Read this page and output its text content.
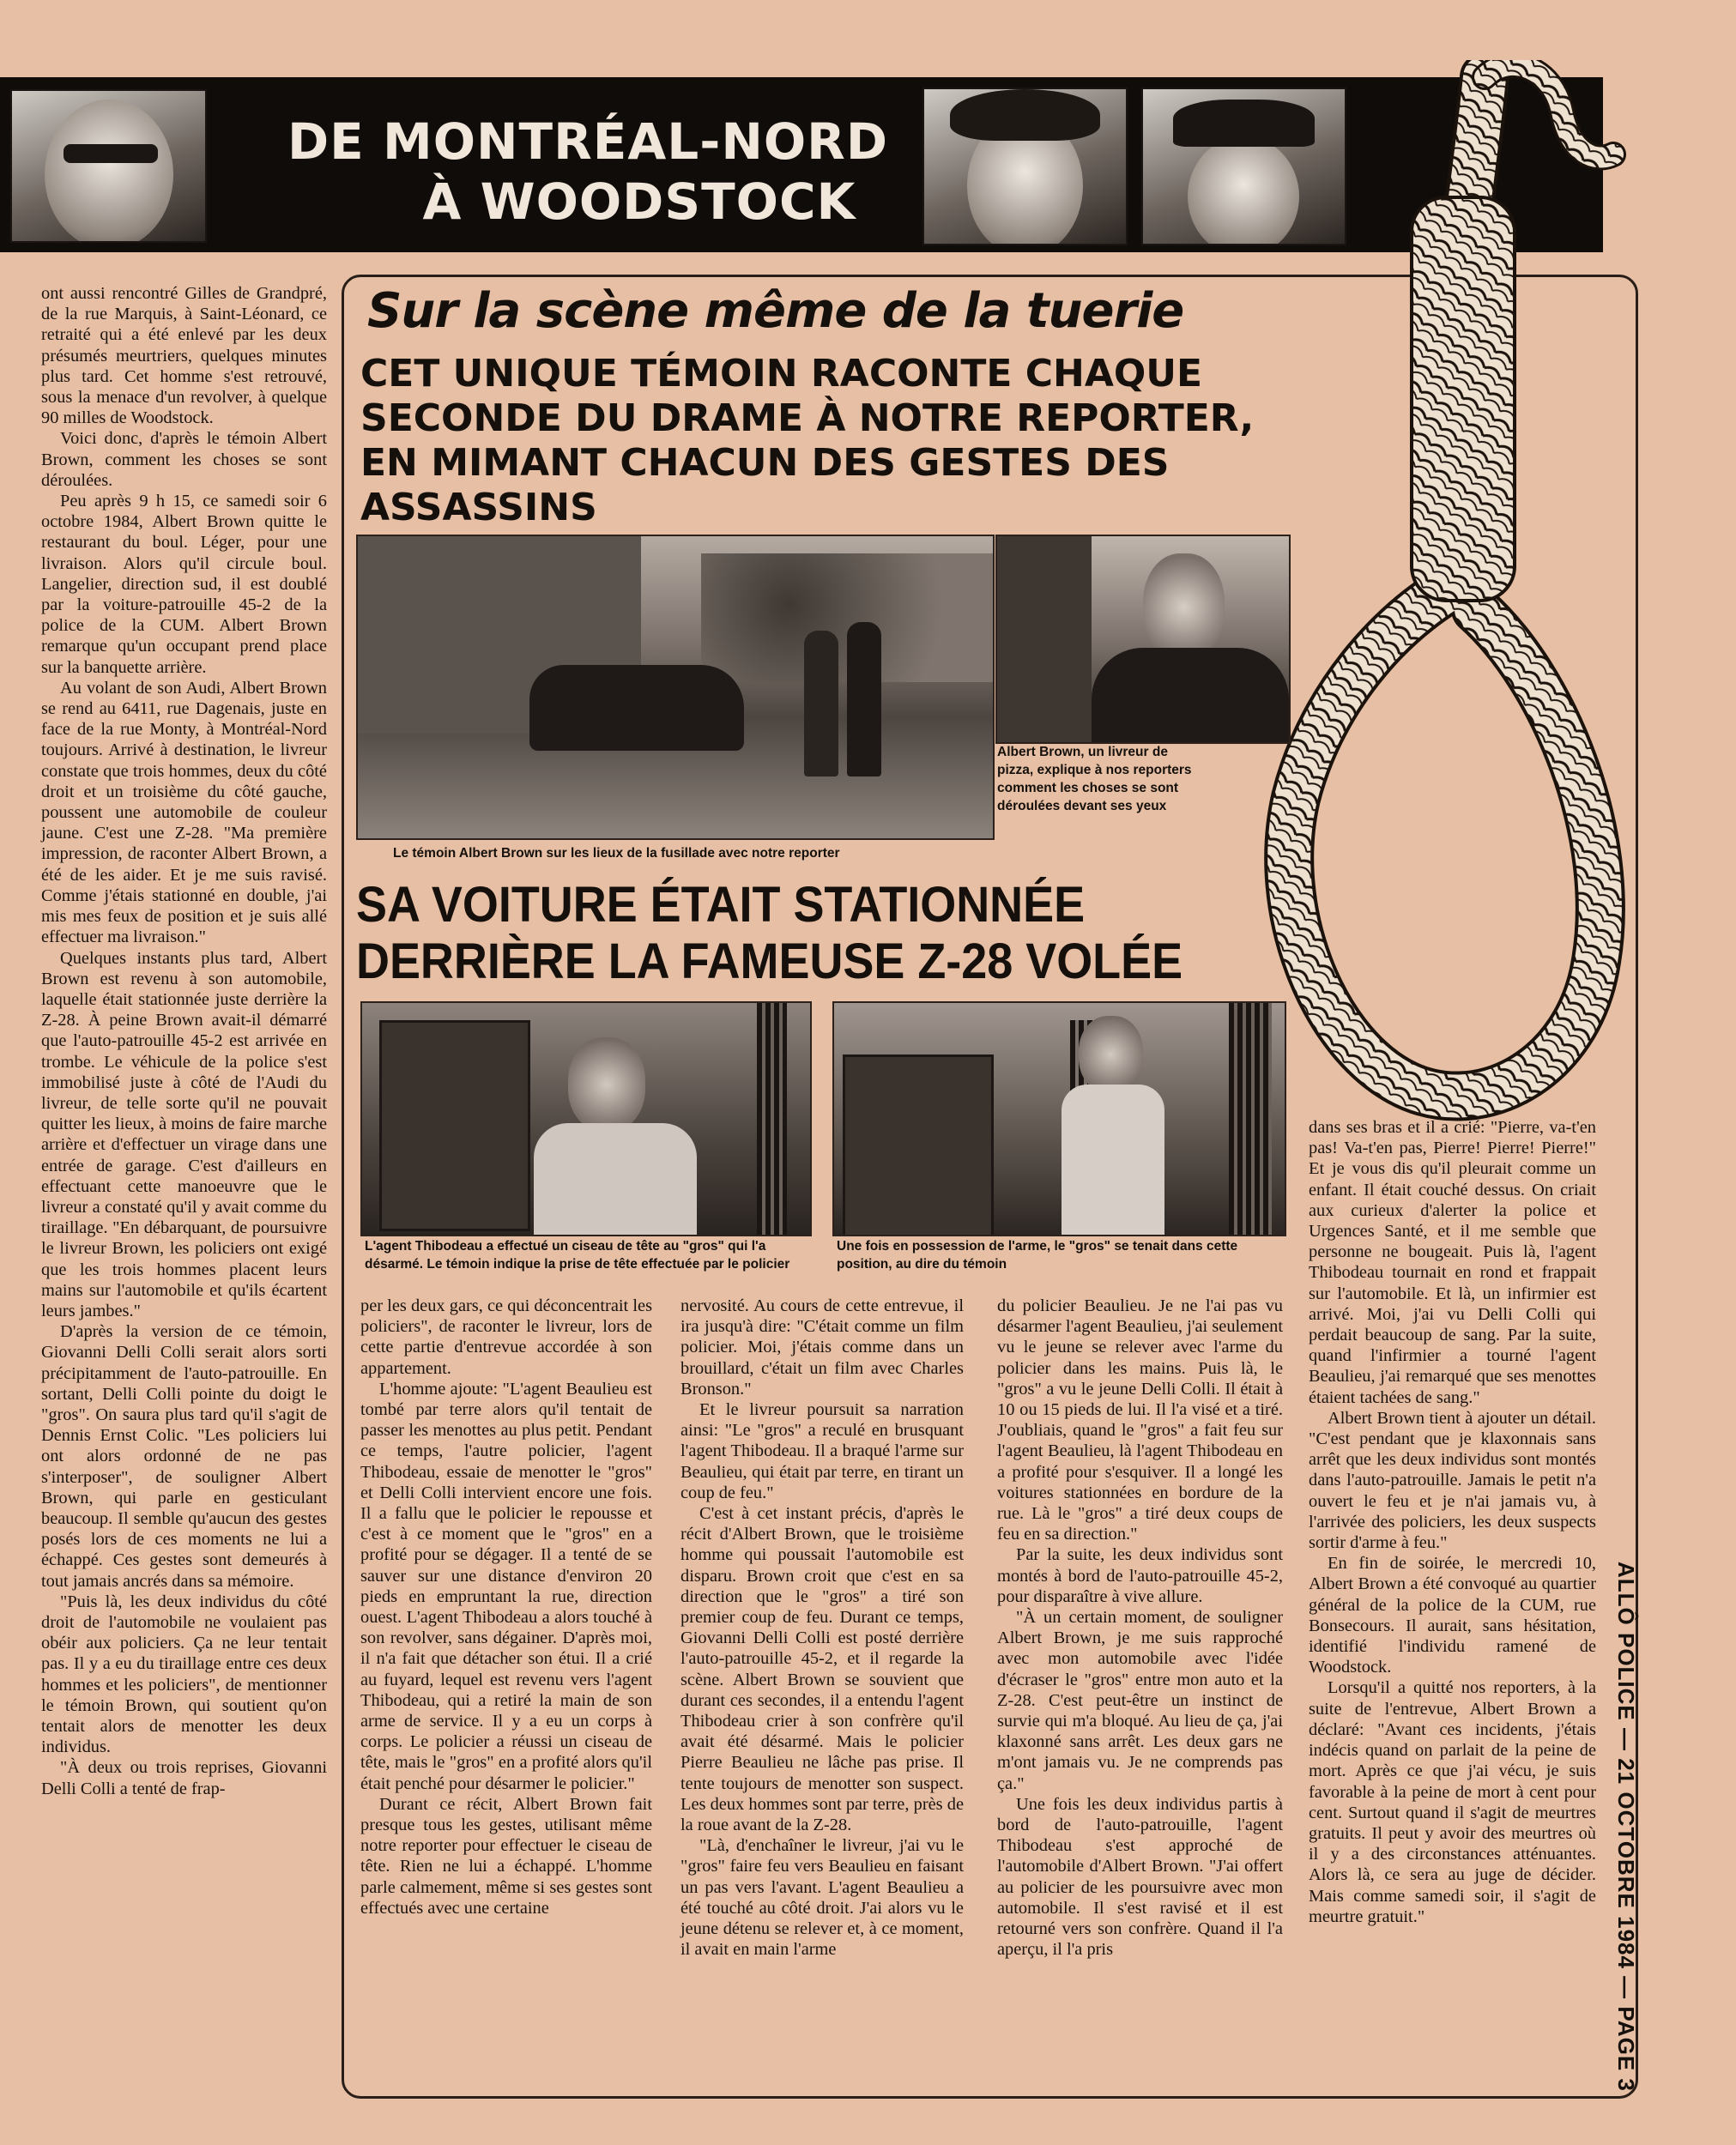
DE MONTRÉAL-NORD
À WOODSTOCK
Sur la scène même de la tuerie
CET UNIQUE TÉMOIN RACONTE CHAQUE SECONDE DU DRAME À NOTRE REPORTER, EN MIMANT CHACUN DES GESTES DES ASSASSINS
Le témoin Albert Brown sur les lieux de la fusillade avec notre reporter
Albert Brown, un livreur de pizza, explique à nos reporters comment les choses se sont déroulées devant ses yeux
SA VOITURE ÉTAIT STATIONNÉE
DERRIÈRE LA FAMEUSE Z-28 VOLÉE
L'agent Thibodeau a effectué un ciseau de tête au "gros" qui l'a désarmé. Le témoin indique la prise de tête effectuée par le policier
Une fois en possession de l'arme, le "gros" se tenait dans cette position, au dire du témoin

ont aussi rencontré Gilles de Grandpré, de la rue Marquis, à Saint-Léonard, ce retraité qui a été enlevé par les deux présumés meurtriers, quelques minutes plus tard. Cet homme s'est retrouvé, sous la menace d'un revolver, à quelque 90 milles de Woodstock.

Voici donc, d'après le témoin Albert Brown, comment les choses se sont déroulées.

Peu après 9 h 15, ce samedi soir 6 octobre 1984, Albert Brown quitte le restaurant du boul. Léger, pour une livraison. Alors qu'il circule boul. Langelier, direction sud, il est doublé par la voiture-patrouille 45-2 de la police de la CUM. Albert Brown remarque qu'un occupant prend place sur la banquette arrière.

Au volant de son Audi, Albert Brown se rend au 6411, rue Dagenais, juste en face de la rue Monty, à Montréal-Nord toujours. Arrivé à destination, le livreur constate que trois hommes, deux du côté droit et un troisième du côté gauche, poussent une automobile de couleur jaune. C'est une Z-28. "Ma première impression, de raconter Albert Brown, a été de les aider. Et je me suis ravisé. Comme j'étais stationné en double, j'ai mis mes feux de position et je suis allé effectuer ma livraison."

Quelques instants plus tard, Albert Brown est revenu à son automobile, laquelle était stationnée juste derrière la Z-28. À peine Brown avait-il démarré que l'auto-patrouille 45-2 est arrivée en trombe. Le véhicule de la police s'est immobilisé juste à côté de l'Audi du livreur, de telle sorte qu'il ne pouvait quitter les lieux, à moins de faire marche arrière et d'effectuer un virage dans une entrée de garage. C'est d'ailleurs en effectuant cette manoeuvre que le livreur a constaté qu'il y avait comme du tiraillage. "En débarquant, de poursuivre le livreur Brown, les policiers ont exigé que les trois hommes placent leurs mains sur l'automobile et qu'ils écartent leurs jambes."

D'après la version de ce témoin, Giovanni Delli Colli serait alors sorti précipitamment de l'auto-patrouille. En sortant, Delli Colli pointe du doigt le "gros". On saura plus tard qu'il s'agit de Dennis Ernst Colic. "Les policiers lui ont alors ordonné de ne pas s'interposer", de souligner Albert Brown, qui parle en gesticulant beaucoup. Il semble qu'aucun des gestes posés lors de ces moments ne lui a échappé. Ces gestes sont demeurés à tout jamais ancrés dans sa mémoire.

"Puis là, les deux individus du côté droit de l'automobile ne voulaient pas obéir aux policiers. Ça ne leur tentait pas. Il y a eu du tiraillage entre ces deux hommes et les policiers", de mentionner le témoin Brown, qui soutient qu'on tentait alors de menotter les deux individus.

"À deux ou trois reprises, Giovanni Delli Colli a tenté de frap-

per les deux gars, ce qui déconcentrait les policiers", de raconter le livreur, lors de cette partie d'entrevue accordée à son appartement.

L'homme ajoute: "L'agent Beaulieu est tombé par terre alors qu'il tentait de passer les menottes au plus petit. Pendant ce temps, l'autre policier, l'agent Thibodeau, essaie de menotter le "gros" et Delli Colli intervient encore une fois. Il a fallu que le policier le repousse et c'est à ce moment que le "gros" en a profité pour se dégager. Il a tenté de se sauver sur une distance d'environ 20 pieds en empruntant la rue, direction ouest. L'agent Thibodeau a alors touché à son revolver, sans dégainer. D'après moi, il n'a fait que détacher son étui. Il a crié au fuyard, lequel est revenu vers l'agent Thibodeau, qui a retiré la main de son arme de service. Il y a eu un corps à corps. Le policier a réussi un ciseau de tête, mais le "gros" en a profité alors qu'il était penché pour désarmer le policier."

Durant ce récit, Albert Brown fait presque tous les gestes, utilisant même notre reporter pour effectuer le ciseau de tête. Rien ne lui a échappé. L'homme parle calmement, même si ses gestes sont effectués avec une certaine

nervosité. Au cours de cette entrevue, il ira jusqu'à dire: "C'était comme un film policier. Moi, j'étais comme dans un brouillard, c'était un film avec Charles Bronson."

Et le livreur poursuit sa narration ainsi: "Le "gros" a reculé en brusquant l'agent Thibodeau. Il a braqué l'arme sur Beaulieu, qui était par terre, en tirant un coup de feu."

C'est à cet instant précis, d'après le récit d'Albert Brown, que le troisième homme qui poussait l'automobile est disparu. Brown croit que c'est en sa direction que le "gros" a tiré son premier coup de feu. Durant ce temps, Giovanni Delli Colli est posté derrière l'auto-patrouille 45-2, et il regarde la scène. Albert Brown se souvient que durant ces secondes, il a entendu l'agent Thibodeau crier à son confrère qu'il avait été désarmé. Mais le policier Pierre Beaulieu ne lâche pas prise. Il tente toujours de menotter son suspect. Les deux hommes sont par terre, près de la roue avant de la Z-28.

"Là, d'enchaîner le livreur, j'ai vu le "gros" faire feu vers Beaulieu en faisant un pas vers l'avant. L'agent Beaulieu a été touché au côté droit. J'ai alors vu le jeune détenu se relever et, à ce moment, il avait en main l'arme

du policier Beaulieu. Je ne l'ai pas vu désarmer l'agent Beaulieu, j'ai seulement vu le jeune se relever avec l'arme du policier dans les mains. Puis là, le "gros" a vu le jeune Delli Colli. Il était à 10 ou 15 pieds de lui. Il l'a visé et a tiré. J'oubliais, quand le "gros" a fait feu sur l'agent Beaulieu, là l'agent Thibodeau en a profité pour s'esquiver. Il a longé les voitures stationnées en bordure de la rue. Là le "gros" a tiré deux coups de feu en sa direction."

Par la suite, les deux individus sont montés à bord de l'auto-patrouille 45-2, pour disparaître à vive allure.

"À un certain moment, de souligner Albert Brown, je me suis rapproché avec mon automobile avec l'idée d'écraser le "gros" entre mon auto et la Z-28. C'est peut-être un instinct de survie qui m'a bloqué. Au lieu de ça, j'ai klaxonné sans arrêt. Les deux gars ne m'ont jamais vu. Je ne comprends pas ça."

Une fois les deux individus partis à bord de l'auto-patrouille, l'agent Thibodeau s'est approché de l'automobile d'Albert Brown. "J'ai offert au policier de les poursuivre avec mon automobile. Il s'est ravisé et il est retourné vers son confrère. Quand il l'a aperçu, il l'a pris

dans ses bras et il a crié: "Pierre, va-t'en pas! Va-t'en pas, Pierre! Pierre! Pierre!" Et je vous dis qu'il pleurait comme un enfant. Il était couché dessus. On criait aux curieux d'alerter la police et Urgences Santé, et il me semble que personne ne bougeait. Puis là, l'agent Thibodeau tournait en rond et frappait sur l'automobile. Et là, un infirmier est arrivé. Moi, j'ai vu Delli Colli qui perdait beaucoup de sang. Par la suite, quand l'infirmier a tourné l'agent Beaulieu, j'ai remarqué que ses menottes étaient tachées de sang."

Albert Brown tient à ajouter un détail. "C'est pendant que je klaxonnais sans arrêt que les deux individus sont montés dans l'auto-patrouille. Jamais le petit n'a ouvert le feu et je n'ai jamais vu, à l'arrivée des policiers, les deux suspects sortir d'arme à feu."

En fin de soirée, le mercredi 10, Albert Brown a été convoqué au quartier général de la police de la CUM, rue Bonsecours. Il aurait, sans hésitation, identifié l'individu ramené de Woodstock.

Lorsqu'il a quitté nos reporters, à la suite de l'entrevue, Albert Brown a déclaré: "Avant ces incidents, j'étais indécis quand on parlait de la peine de mort. Après ce que j'ai vécu, je suis favorable à la peine de mort à cent pour cent. Surtout quand il s'agit de meurtres gratuits. Il peut y avoir des meurtres où il y a des circonstances atténuantes. Alors là, ce sera au juge de décider. Mais comme samedi soir, il s'agit de meurtre gratuit."	ALLÔ POLICE — 21 OCTOBRE 1984 — PAGE 3
